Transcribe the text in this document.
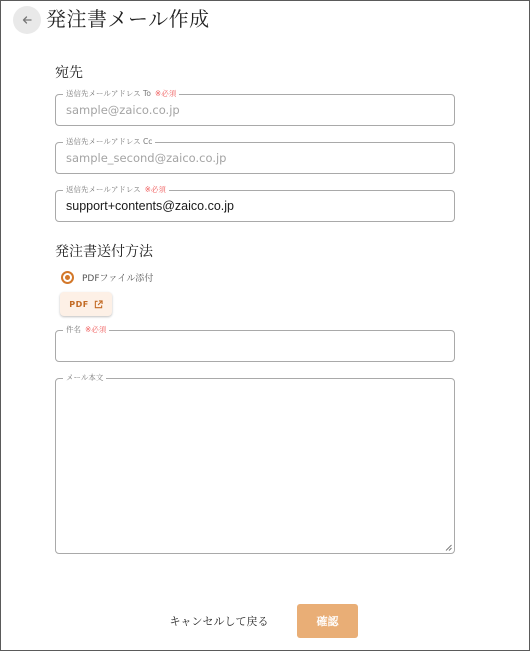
発注書メール作成
宛先
送信先メールアドレス To ※必須
sample@zaico.co.jp
送信先メールアドレス Cc
sample_second@zaico.co.jp
返信先メールアドレス ※必須
support+contents@zaico.co.jp
発注書送付方法
PDFファイル添付
PDF
件名 ※必須
メール本文
キャンセルして戻る	確認
